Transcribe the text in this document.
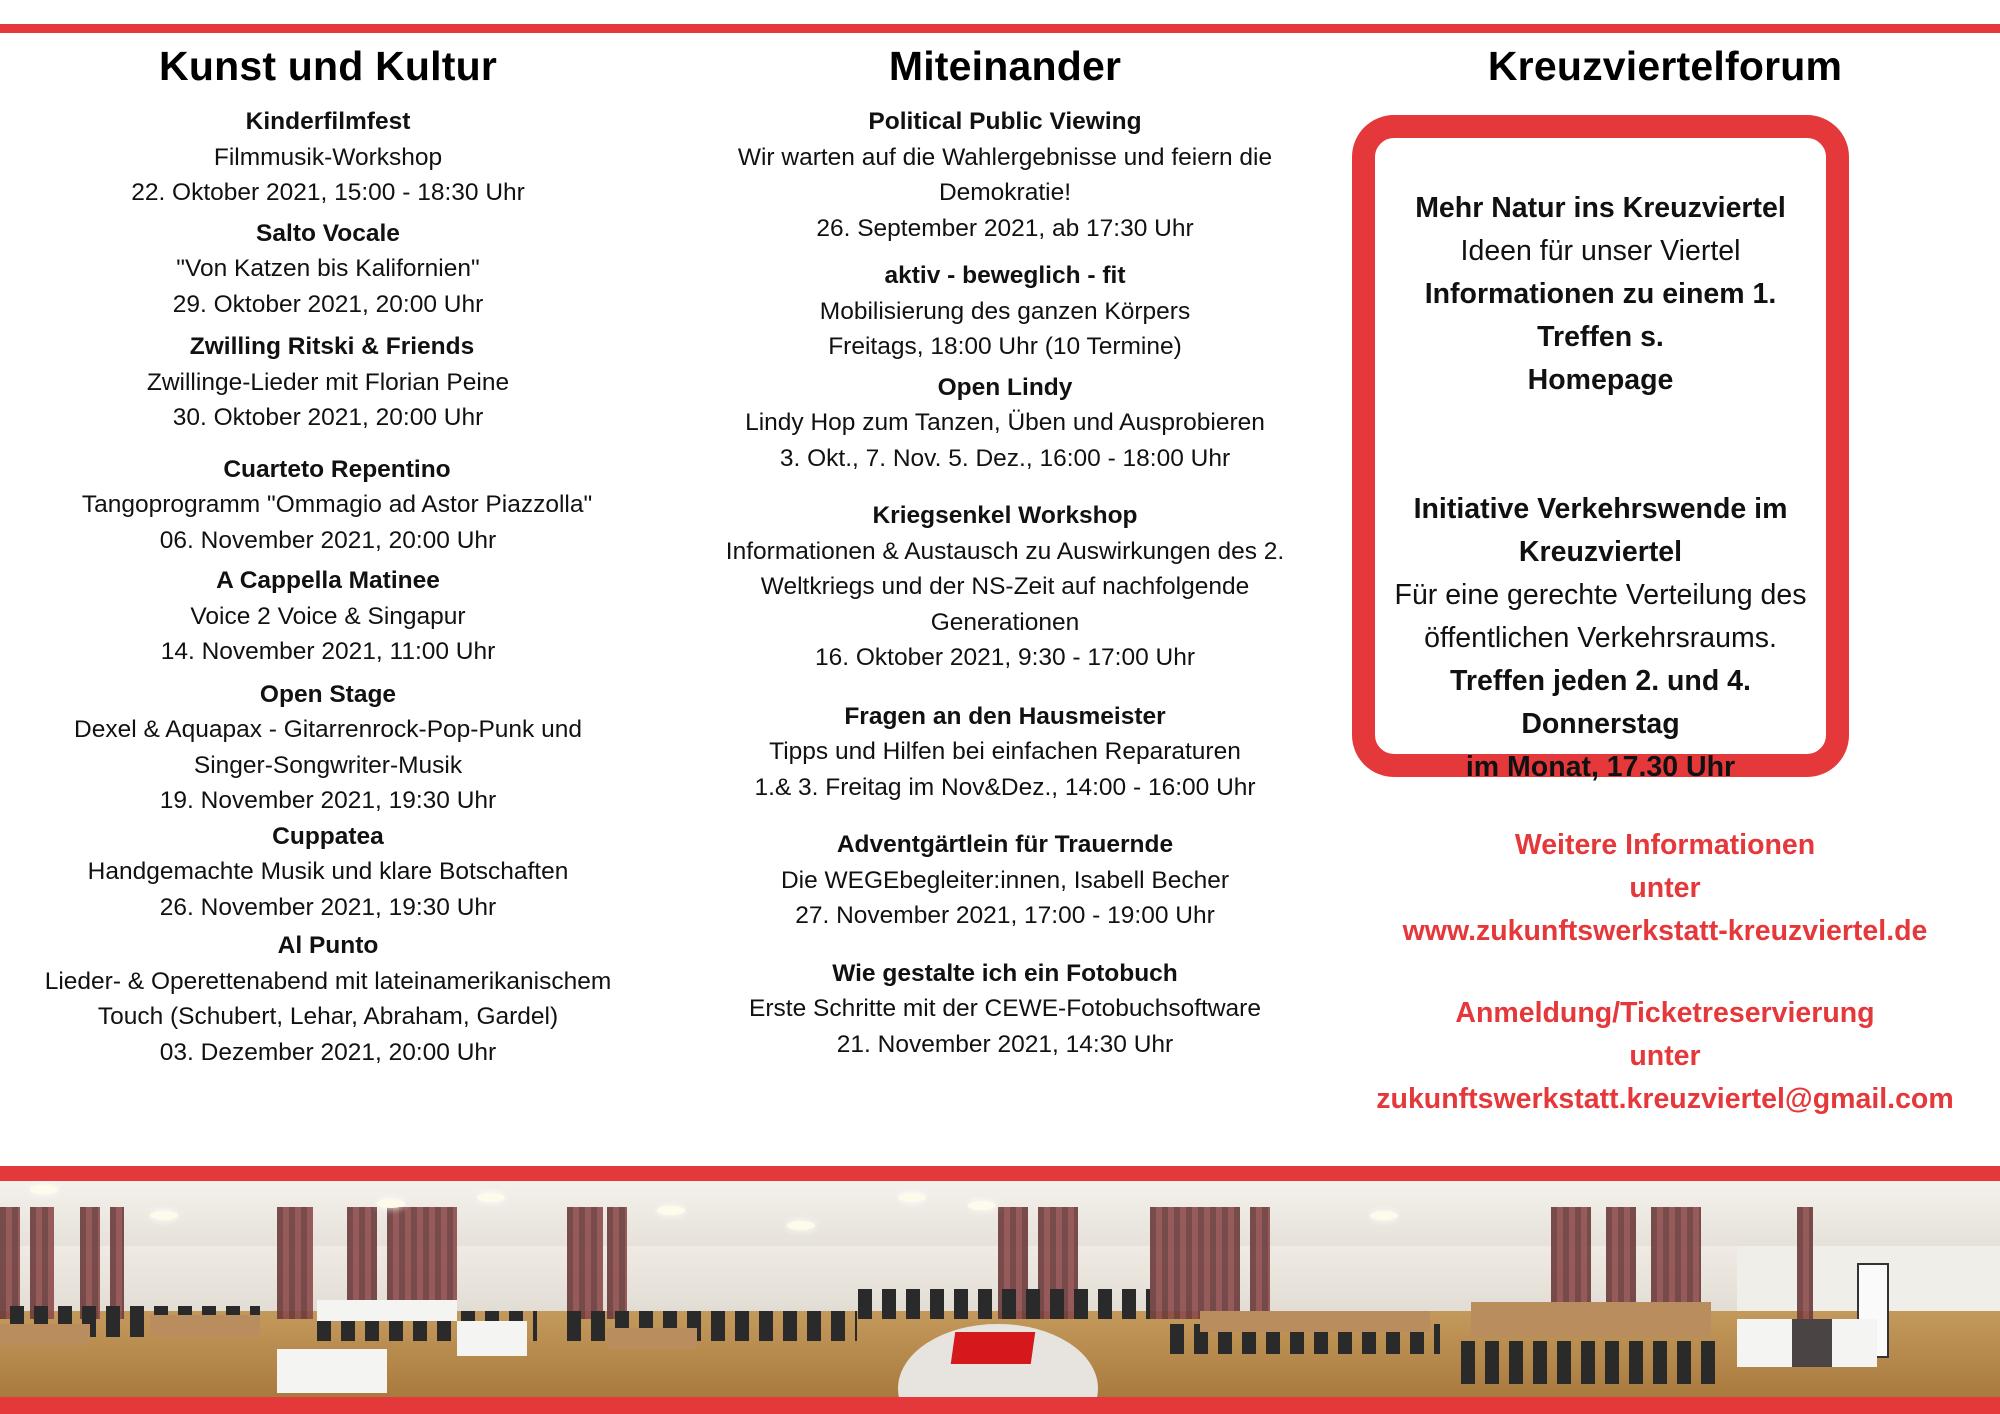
Kunst und Kultur
Kinderfilmfest
Filmmusik-Workshop
22. Oktober 2021, 15:00 - 18:30 Uhr
Salto Vocale
"Von Katzen bis Kalifornien"
29. Oktober 2021, 20:00 Uhr
Zwilling Ritski & Friends
Zwillinge-Lieder mit Florian Peine
30. Oktober 2021, 20:00 Uhr
Cuarteto Repentino
Tangoprogramm "Ommagio ad Astor Piazzolla"
06. November 2021, 20:00 Uhr
A Cappella Matinee
Voice 2 Voice & Singapur
14. November 2021, 11:00 Uhr
Open Stage
Dexel & Aquapax - Gitarrenrock-Pop-Punk und
Singer-Songwriter-Musik
19. November 2021, 19:30 Uhr
Cuppatea
Handgemachte Musik und klare Botschaften
26. November 2021, 19:30 Uhr
Al Punto
Lieder- & Operettenabend mit lateinamerikanischem
Touch (Schubert, Lehar, Abraham, Gardel)
03. Dezember 2021, 20:00 Uhr
Miteinander
Political Public Viewing
Wir warten auf die Wahlergebnisse und feiern die
Demokratie!
26. September 2021, ab 17:30 Uhr
aktiv - beweglich - fit
Mobilisierung des ganzen Körpers
Freitags, 18:00 Uhr (10 Termine)
Open Lindy
Lindy Hop zum Tanzen, Üben und Ausprobieren
3. Okt., 7. Nov. 5. Dez., 16:00 - 18:00 Uhr
Kriegsenkel Workshop
Informationen & Austausch zu Auswirkungen des 2.
Weltkriegs und der NS-Zeit auf nachfolgende
Generationen
16. Oktober 2021, 9:30 - 17:00 Uhr
Fragen an den Hausmeister
Tipps und Hilfen bei einfachen Reparaturen
1.& 3. Freitag im Nov&Dez., 14:00 - 16:00 Uhr
Adventgärtlein für Trauernde
Die WEGEbegleiter:innen, Isabell Becher
27. November 2021, 17:00 - 19:00 Uhr
Wie gestalte ich ein Fotobuch
Erste Schritte mit der CEWE-Fotobuchsoftware
21. November 2021, 14:30 Uhr
Kreuzviertelforum
Mehr Natur ins Kreuzviertel
Ideen für unser Viertel
Informationen zu einem 1. Treffen s.
Homepage
Initiative Verkehrswende im
Kreuzviertel
Für eine gerechte Verteilung des
öffentlichen Verkehrsraums.
Treffen jeden 2. und 4. Donnerstag
im Monat, 17.30 Uhr
Weitere Informationen
unter
www.zukunftswerkstatt-kreuzviertel.de
Anmeldung/Ticketreservierung
unter
zukunftswerkstatt.kreuzviertel@gmail.com
